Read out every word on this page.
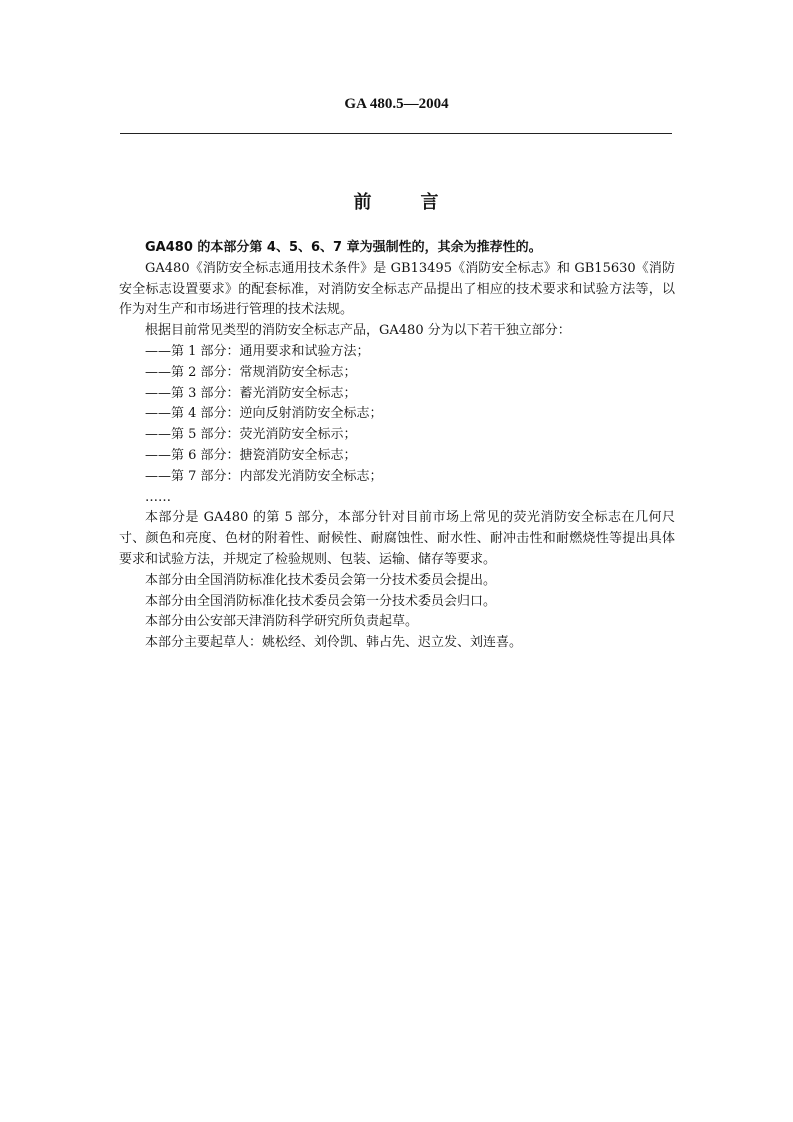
GA 480.5—2004
前	言

GA480 的本部分第 4、5、6、7 章为强制性的，其余为推荐性的。

GA480《消防安全标志通用技术条件》是 GB13495《消防安全标志》和 GB15630《消防安全标志设置要求》的配套标准，对消防安全标志产品提出了相应的技术要求和试验方法等，以作为对生产和市场进行管理的技术法规。

根据目前常见类型的消防安全标志产品，GA480 分为以下若干独立部分：

——第 1 部分：通用要求和试验方法；
——第 2 部分：常规消防安全标志；
——第 3 部分：蓄光消防安全标志；
——第 4 部分：逆向反射消防安全标志；
——第 5 部分：荧光消防安全标示；
——第 6 部分：搪瓷消防安全标志；
——第 7 部分：内部发光消防安全标志；
……

本部分是 GA480 的第 5 部分，本部分针对目前市场上常见的荧光消防安全标志在几何尺寸、颜色和亮度、色材的附着性、耐候性、耐腐蚀性、耐水性、耐冲击性和耐燃烧性等提出具体要求和试验方法，并规定了检验规则、包装、运输、储存等要求。

本部分由全国消防标准化技术委员会第一分技术委员会提出。

本部分由全国消防标准化技术委员会第一分技术委员会归口。

本部分由公安部天津消防科学研究所负责起草。

本部分主要起草人：姚松经、刘伶凯、韩占先、迟立发、刘连喜。
